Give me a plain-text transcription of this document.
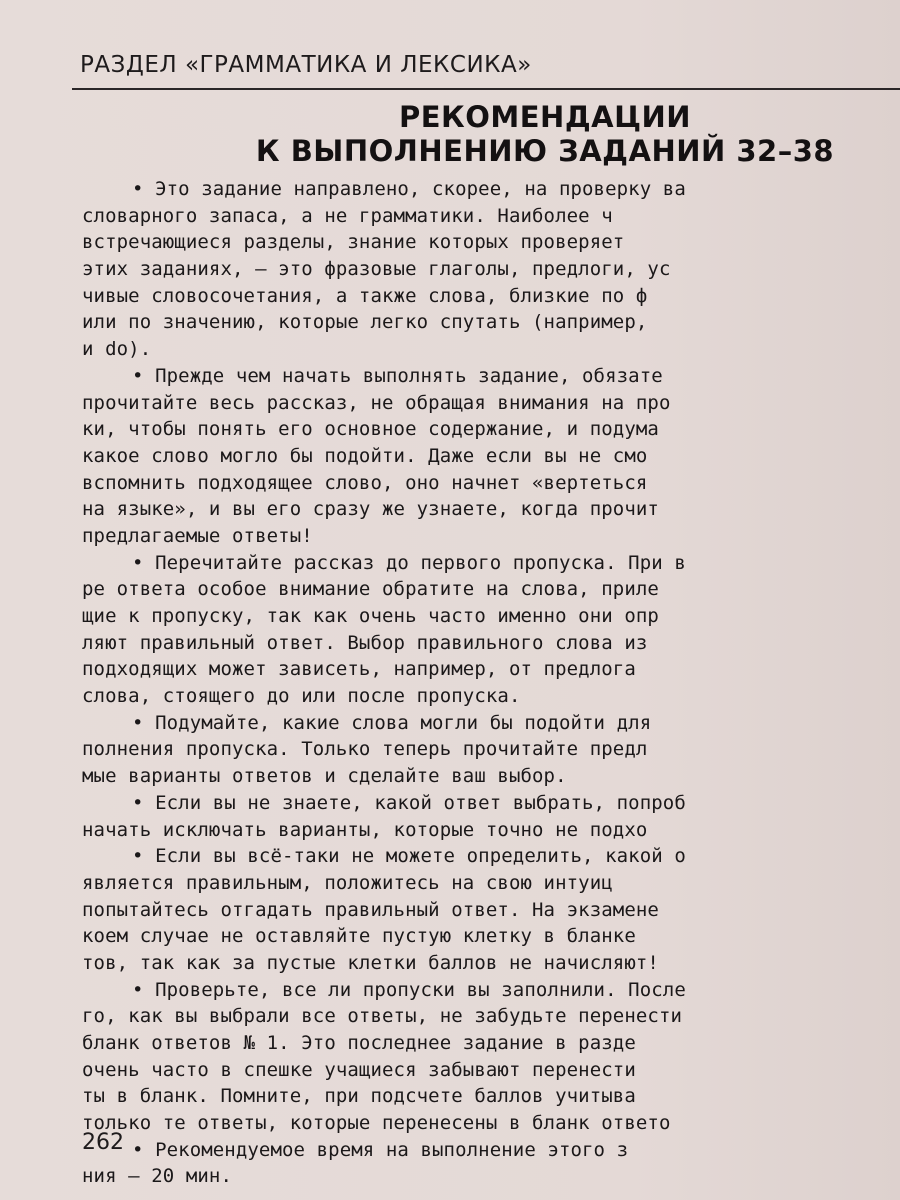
РАЗДЕЛ «ГРАММАТИКА И ЛЕКСИКА»
РЕКОМЕНДАЦИИ
К ВЫПОЛНЕНИЮ ЗАДАНИЙ 32–38
• Это задание направлено, скорее, на проверку ва
словарного запаса, а не грамматики. Наиболее ч
встречающиеся разделы, знание которых проверяет
этих заданиях, — это фразовые глаголы, предлоги, ус
чивые словосочетания, а также слова, близкие по ф
или по значению, которые легко спутать (например,
и do).
• Прежде чем начать выполнять задание, обязате
прочитайте весь рассказ, не обращая внимания на про
ки, чтобы понять его основное содержание, и подума
какое слово могло бы подойти. Даже если вы не смо
вспомнить подходящее слово, оно начнет «вертеться
на языке», и вы его сразу же узнаете, когда прочит
предлагаемые ответы!
• Перечитайте рассказ до первого пропуска. При в
ре ответа особое внимание обратите на слова, приле
щие к пропуску, так как очень часто именно они опр
ляют правильный ответ. Выбор правильного слова из
подходящих может зависеть, например, от предлога
слова, стоящего до или после пропуска.
• Подумайте, какие слова могли бы подойти для
полнения пропуска. Только теперь прочитайте предл
мые варианты ответов и сделайте ваш выбор.
• Если вы не знаете, какой ответ выбрать, попроб
начать исключать варианты, которые точно не подхо
• Если вы всё-таки не можете определить, какой о
является правильным, положитесь на свою интуиц
попытайтесь отгадать правильный ответ. На экзамене
коем случае не оставляйте пустую клетку в бланке
тов, так как за пустые клетки баллов не начисляют!
• Проверьте, все ли пропуски вы заполнили. После
го, как вы выбрали все ответы, не забудьте перенести
бланк ответов № 1. Это последнее задание в разде
очень часто в спешке учащиеся забывают перенести
ты в бланк. Помните, при подсчете баллов учитыва
только те ответы, которые перенесены в бланк ответо
• Рекомендуемое время на выполнение этого з
ния — 20 мин.
262
